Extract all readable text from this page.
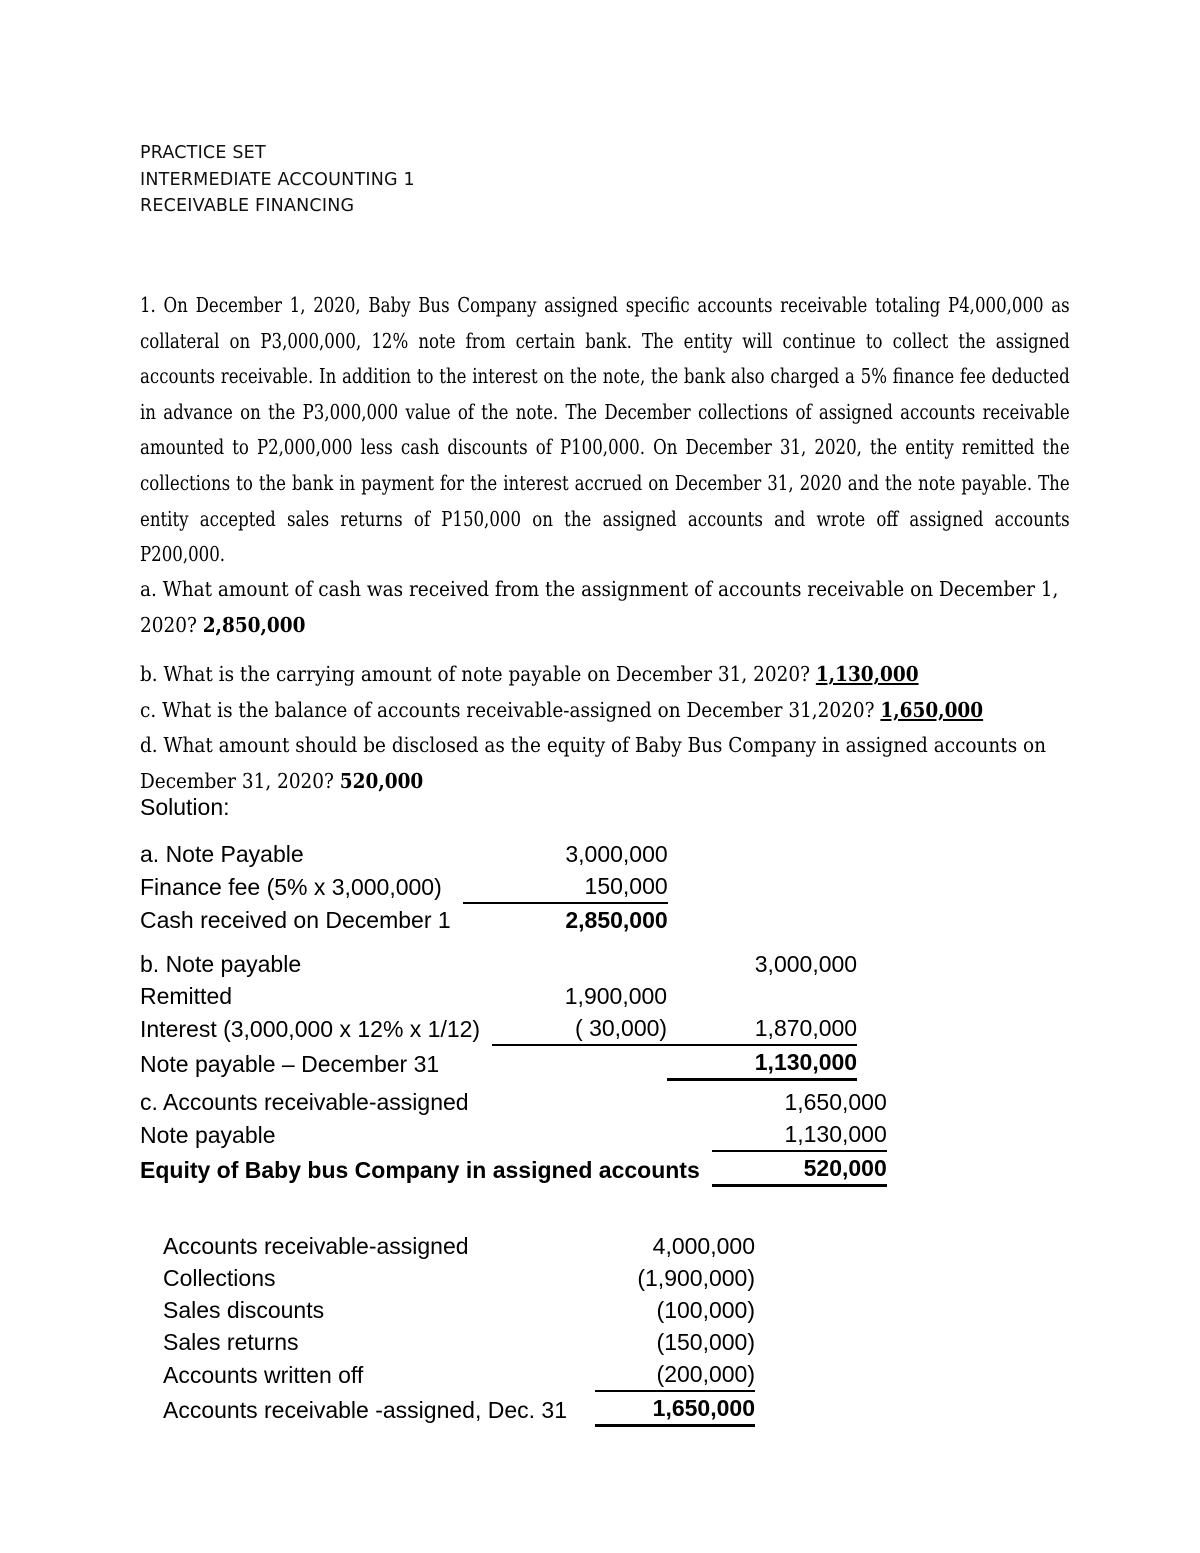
PRACTICE SET
INTERMEDIATE ACCOUNTING 1
RECEIVABLE FINANCING
1. On December 1, 2020, Baby Bus Company assigned specific accounts receivable totaling P4,000,000 as collateral on P3,000,000, 12% note from certain bank. The entity will continue to collect the assigned accounts receivable. In addition to the interest on the note, the bank also charged a 5% finance fee deducted in advance on the P3,000,000 value of the note. The December collections of assigned accounts receivable amounted to P2,000,000 less cash discounts of P100,000. On December 31, 2020, the entity remitted the collections to the bank in payment for the interest accrued on December 31, 2020 and the note payable. The entity accepted sales returns of P150,000 on the assigned accounts and wrote off assigned accounts P200,000.
a. What amount of cash was received from the assignment of accounts receivable on December 1, 2020? 2,850,000
b. What is the carrying amount of note payable on December 31, 2020? 1,130,000
c. What is the balance of accounts receivable-assigned on December 31,2020? 1,650,000
d. What amount should be disclosed as the equity of Baby Bus Company in assigned accounts on December 31, 2020? 520,000
Solution:
a. Note Payable	3,000,000
Finance fee (5% x 3,000,000)	150,000
Cash received on December 1	2,850,000
b. Note payable		3,000,000
Remitted	1,900,000	
Interest (3,000,000 x 12% x 1/12)	( 30,000)	1,870,000
Note payable – December 31		1,130,000
c. Accounts receivable-assigned	1,650,000
Note payable	1,130,000
Equity of Baby bus Company in assigned accounts	520,000
Accounts receivable-assigned	4,000,000
Collections	(1,900,000)
Sales discounts	(100,000)
Sales returns	(150,000)
Accounts written off	(200,000)
Accounts receivable -assigned, Dec. 31	1,650,000
